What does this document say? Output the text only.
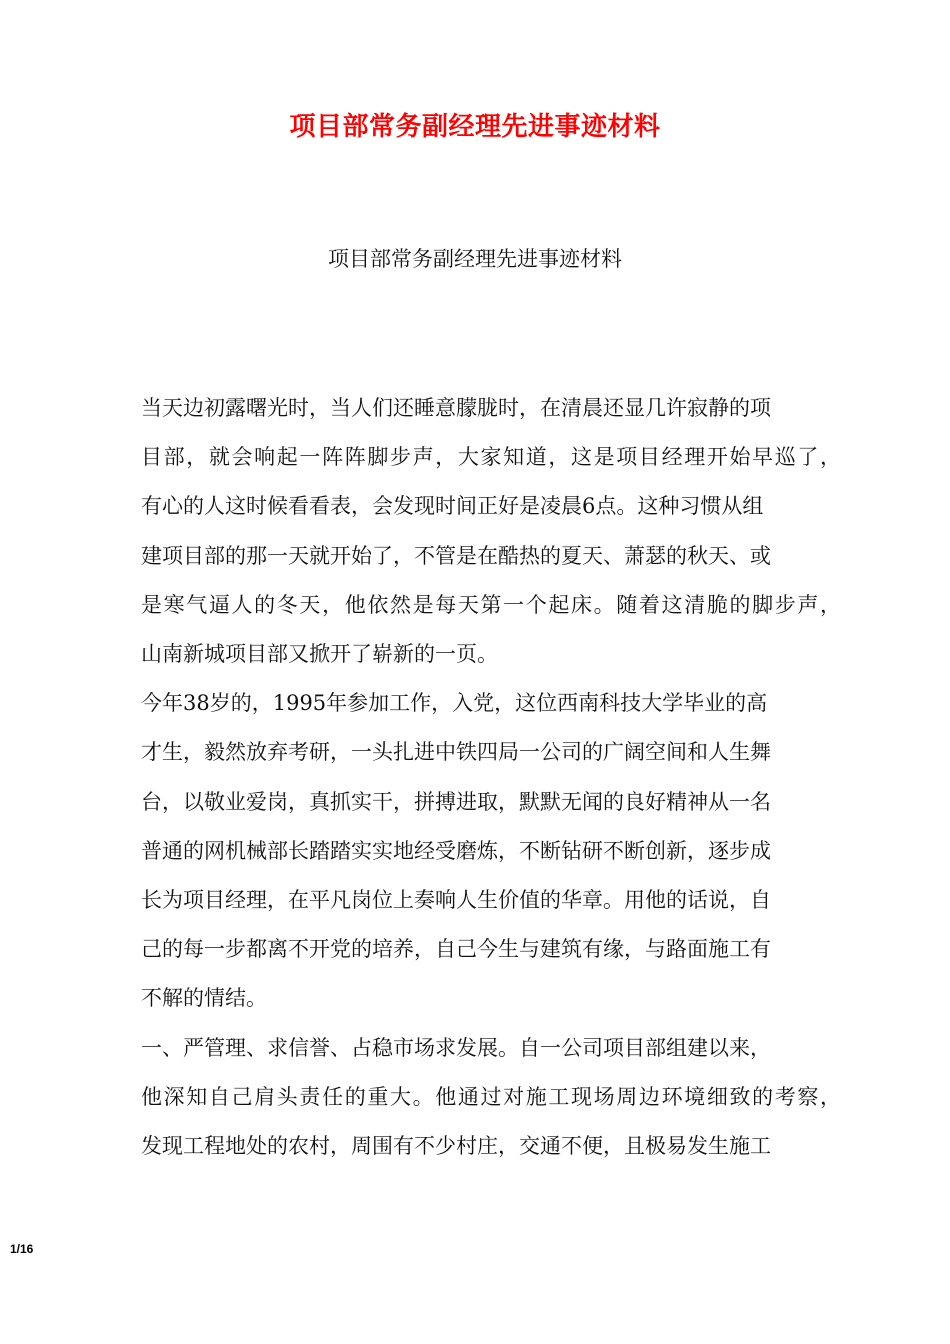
项目部常务副经理先进事迹材料
项目部常务副经理先进事迹材料
当天边初露曙光时，当人们还睡意朦胧时，在清晨还显几许寂静的项
目部，就会响起一阵阵脚步声，大家知道，这是项目经理开始早巡了，
有心的人这时候看看表，会发现时间正好是凌晨6点。这种习惯从组
建项目部的那一天就开始了，不管是在酷热的夏天、萧瑟的秋天、或
是寒气逼人的冬天，他依然是每天第一个起床。随着这清脆的脚步声，
山南新城项目部又掀开了崭新的一页。
今年38岁的，1995年参加工作，入党，这位西南科技大学毕业的高
才生，毅然放弃考研，一头扎进中铁四局一公司的广阔空间和人生舞
台，以敬业爱岗，真抓实干，拼搏进取，默默无闻的良好精神从一名
普通的网机械部长踏踏实实地经受磨炼，不断钻研不断创新，逐步成
长为项目经理，在平凡岗位上奏响人生价值的华章。用他的话说，自
己的每一步都离不开党的培养，自己今生与建筑有缘，与路面施工有
不解的情结。
一、严管理、求信誉、占稳市场求发展。自一公司项目部组建以来，
他深知自己肩头责任的重大。他通过对施工现场周边环境细致的考察，
发现工程地处的农村，周围有不少村庄，交通不便，且极易发生施工
1/16
